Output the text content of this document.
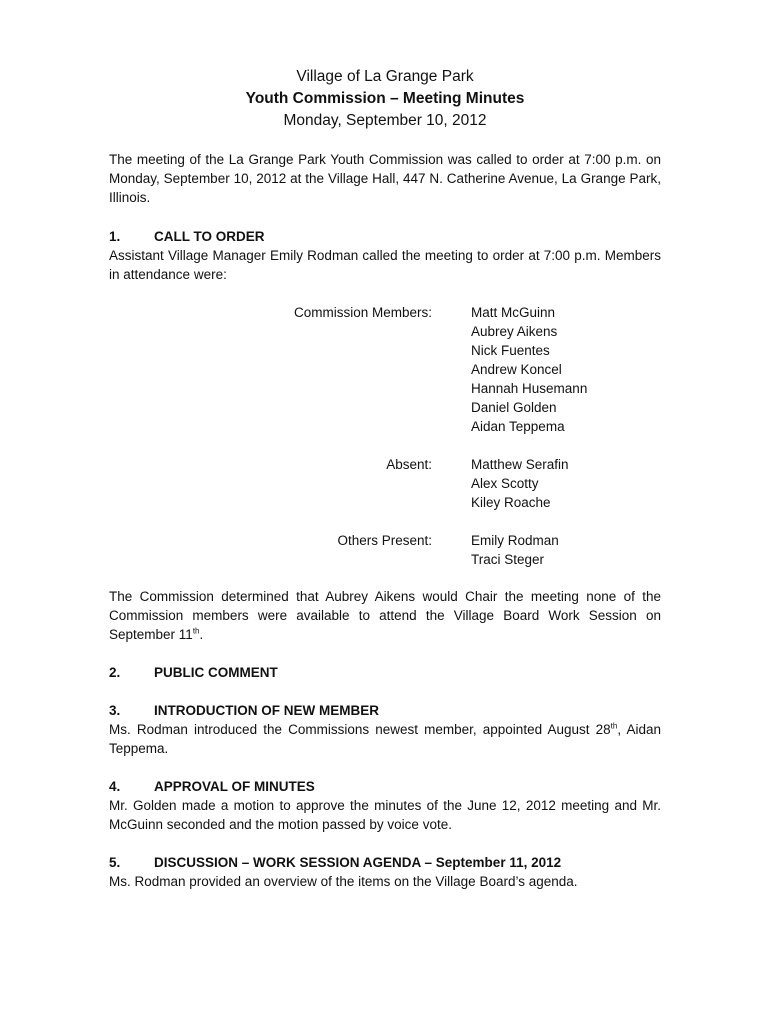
Village of La Grange Park
Youth Commission – Meeting Minutes
Monday, September 10, 2012
The meeting of the La Grange Park Youth Commission was called to order at 7:00 p.m. on Monday, September 10, 2012 at the Village Hall, 447 N. Catherine Avenue, La Grange Park, Illinois.
1. CALL TO ORDER
Assistant Village Manager Emily Rodman called the meeting to order at 7:00 p.m. Members in attendance were:
Commission Members:	Matt McGuinn
Aubrey Aikens
Nick Fuentes
Andrew Koncel
Hannah Husemann
Daniel Golden
Aidan Teppema
Absent:	Matthew Serafin
Alex Scotty
Kiley Roache
Others Present:	Emily Rodman
Traci Steger
The Commission determined that Aubrey Aikens would Chair the meeting none of the Commission members were available to attend the Village Board Work Session on September 11th.
2. PUBLIC COMMENT
3. INTRODUCTION OF NEW MEMBER
Ms. Rodman introduced the Commissions newest member, appointed August 28th, Aidan Teppema.
4. APPROVAL OF MINUTES
Mr. Golden made a motion to approve the minutes of the June 12, 2012 meeting and Mr. McGuinn seconded and the motion passed by voice vote.
5. DISCUSSION – WORK SESSION AGENDA – September 11, 2012
Ms. Rodman provided an overview of the items on the Village Board’s agenda.
